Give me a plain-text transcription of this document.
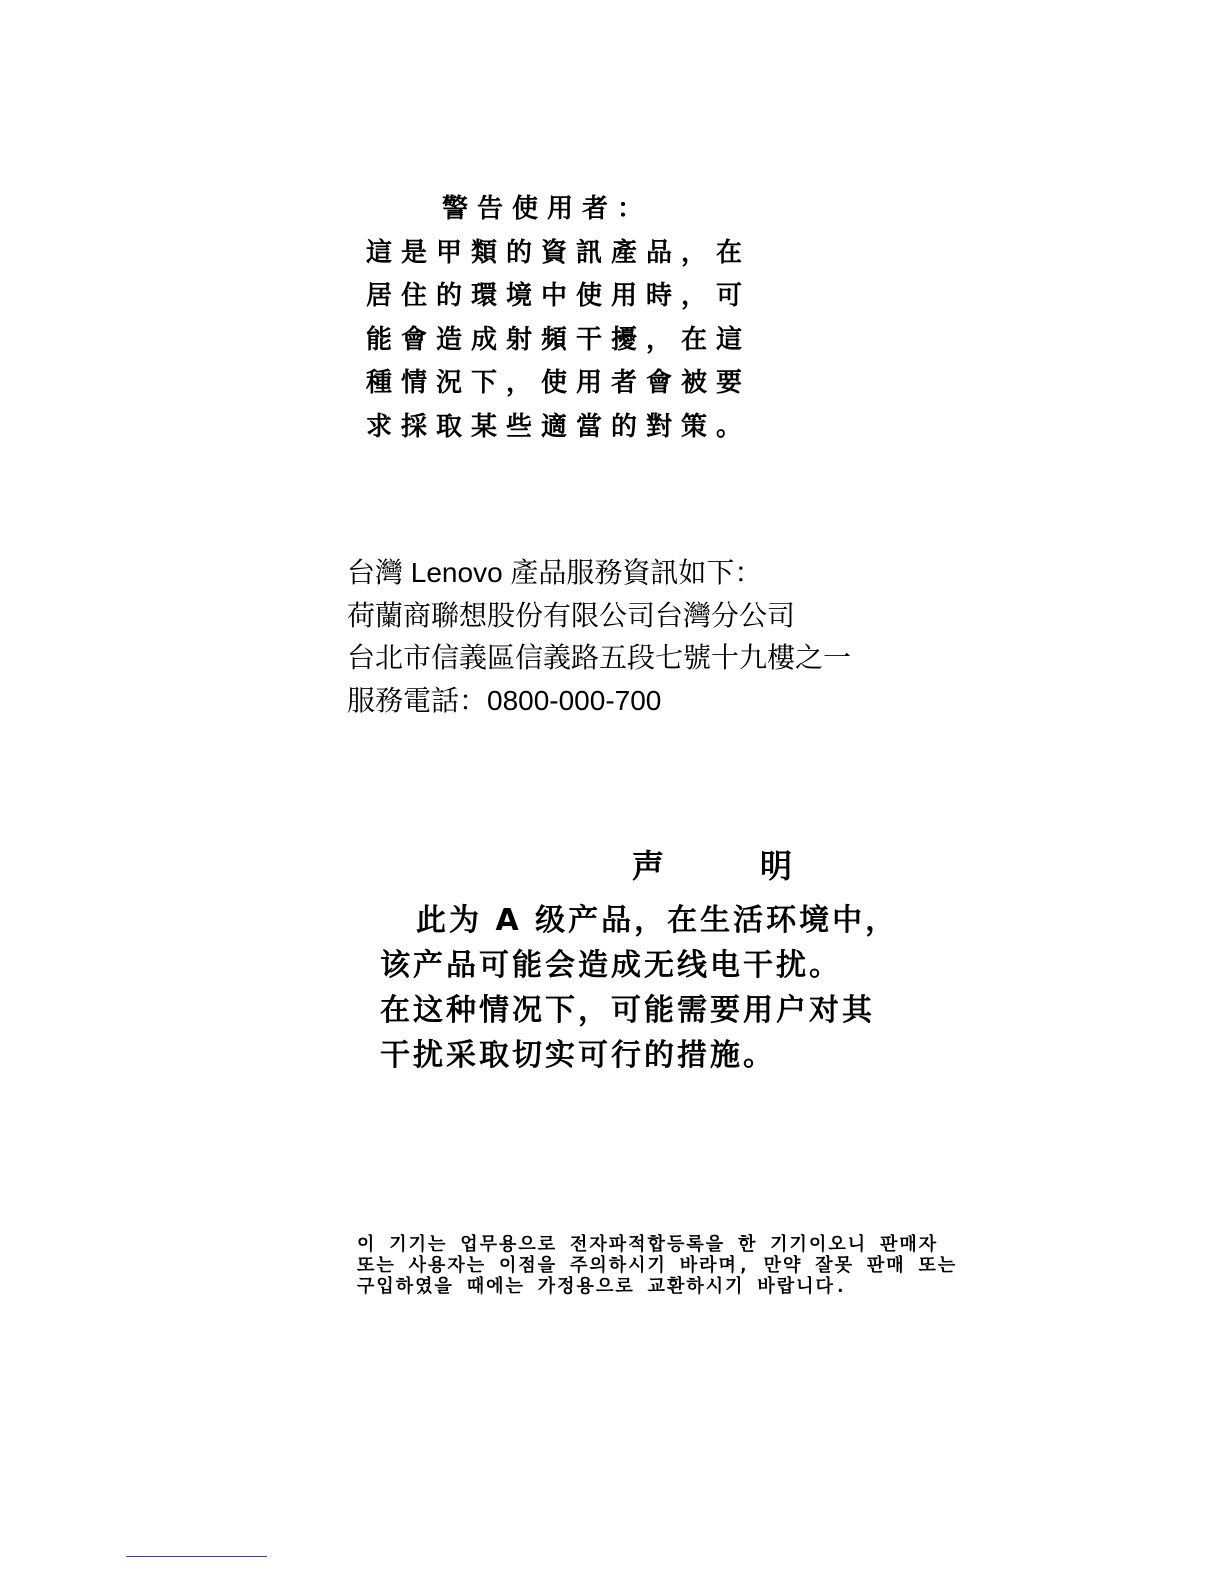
警告使用者：
這是甲類的資訊產品，在
居住的環境中使用時，可
能會造成射頻干擾，在這
種情況下，使用者會被要
求採取某些適當的對策。
台灣 Lenovo 產品服務資訊如下：
荷蘭商聯想股份有限公司台灣分公司
台北市信義區信義路五段七號十九樓之一
服務電話：0800-000-700
声	明
此为 A 级产品，在生活环境中，
该产品可能会造成无线电干扰。
在这种情况下，可能需要用户对其
干扰采取切实可行的措施。
이 기기는 업무용으로 전자파적합등록을 한 기기이오니 판매자
또는 사용자는 이점을 주의하시기 바라며, 만약 잘못 판매 또는
구입하였을 때에는 가정용으로 교환하시기 바랍니다.
